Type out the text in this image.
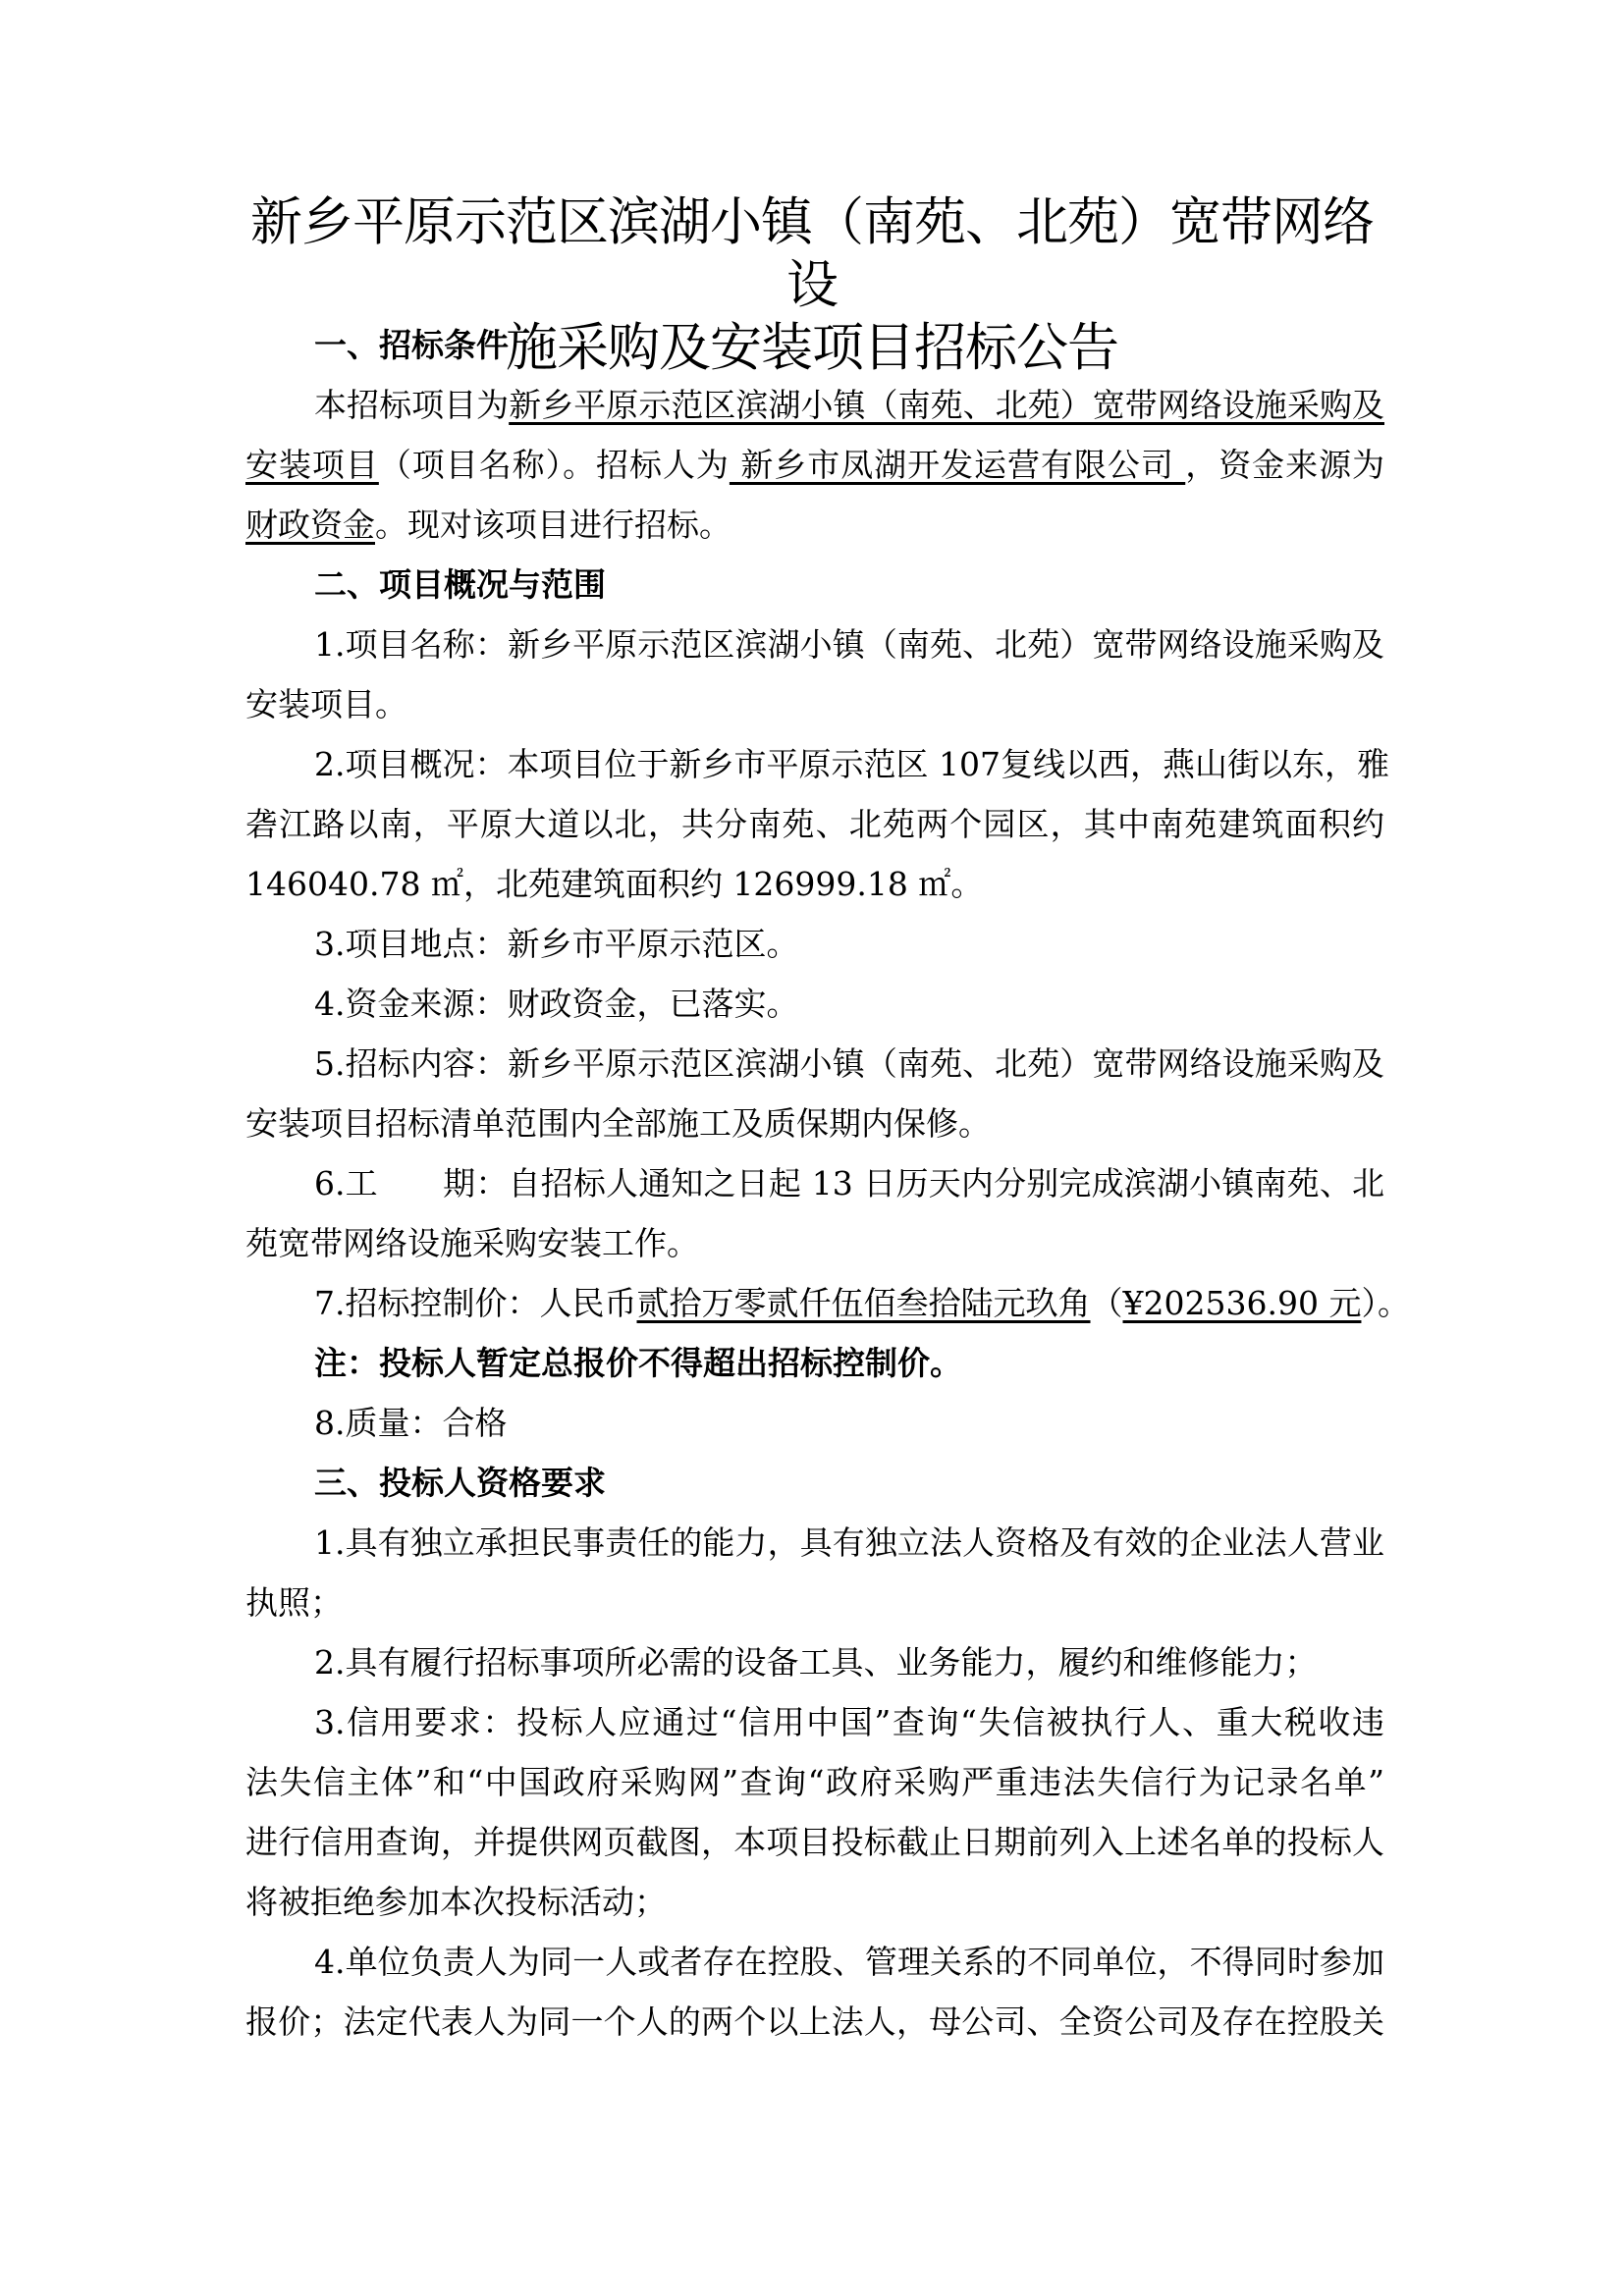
新乡平原示范区滨湖小镇（南苑、北苑）宽带网络设
施采购及安装项目招标公告
一、招标条件
本招标项目为新乡平原示范区滨湖小镇（南苑、北苑）宽带网络设施采购及
安装项目（项目名称）。招标人为 新乡市凤湖开发运营有限公司 ，资金来源为
财政资金。现对该项目进行招标。
二、项目概况与范围
1.项目名称：新乡平原示范区滨湖小镇（南苑、北苑）宽带网络设施采购及
安装项目。
2.项目概况：本项目位于新乡市平原示范区 107复线以西，燕山街以东，雅
砻江路以南，平原大道以北，共分南苑、北苑两个园区，其中南苑建筑面积约
146040.78 ㎡，北苑建筑面积约 126999.18 ㎡。
3.项目地点：新乡市平原示范区。
4.资金来源：财政资金，已落实。
5.招标内容：新乡平原示范区滨湖小镇（南苑、北苑）宽带网络设施采购及
安装项目招标清单范围内全部施工及质保期内保修。
6.工　　期：自招标人通知之日起 13 日历天内分别完成滨湖小镇南苑、北
苑宽带网络设施采购安装工作。
7.招标控制价：人民币贰拾万零贰仟伍佰叁拾陆元玖角（¥202536.90 元）。
注：投标人暂定总报价不得超出招标控制价。
8.质量：合格
三、投标人资格要求
1.具有独立承担民事责任的能力，具有独立法人资格及有效的企业法人营业
执照；
2.具有履行招标事项所必需的设备工具、业务能力，履约和维修能力；
3.信用要求：投标人应通过“信用中国”查询“失信被执行人、重大税收违
法失信主体”和“中国政府采购网”查询“政府采购严重违法失信行为记录名单”
进行信用查询，并提供网页截图，本项目投标截止日期前列入上述名单的投标人
将被拒绝参加本次投标活动；
4.单位负责人为同一人或者存在控股、管理关系的不同单位，不得同时参加
报价；法定代表人为同一个人的两个以上法人，母公司、全资公司及存在控股关
